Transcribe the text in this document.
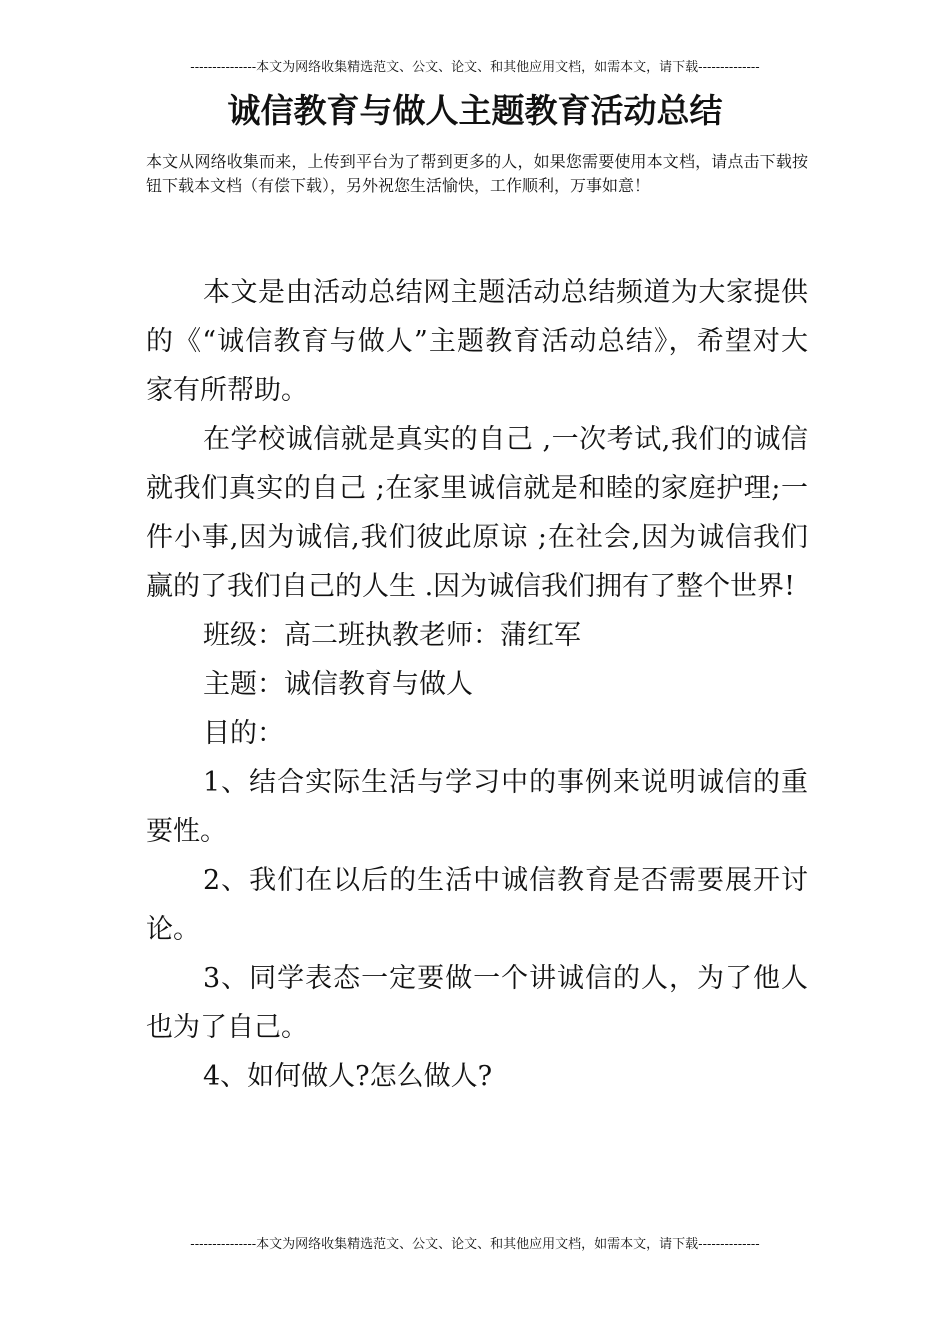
---------------本文为网络收集精选范文、公文、论文、和其他应用文档，如需本文，请下载--------------
诚信教育与做人主题教育活动总结

本文从网络收集而来，上传到平台为了帮到更多的人，如果您需要使用本文档，请点击下载按钮下载本文档（有偿下载），另外祝您生活愉快，工作顺利，万事如意！

本文是由活动总结网主题活动总结频道为大家提供的《“诚信教育与做人”主题教育活动总结》，希望对大家有所帮助。

在学校诚信就是真实的自己 ,一次考试,我们的诚信就我们真实的自己 ;在家里诚信就是和睦的家庭护理;一件小事,因为诚信,我们彼此原谅 ;在社会,因为诚信我们赢的了我们自己的人生 .因为诚信我们拥有了整个世界!

班级：高二班执教老师：蒲红军

主题：诚信教育与做人

目的：

1、结合实际生活与学习中的事例来说明诚信的重要性。

2、我们在以后的生活中诚信教育是否需要展开讨论。

3、同学表态一定要做一个讲诚信的人，为了他人也为了自己。

4、如何做人?怎么做人?

---------------本文为网络收集精选范文、公文、论文、和其他应用文档，如需本文，请下载--------------
